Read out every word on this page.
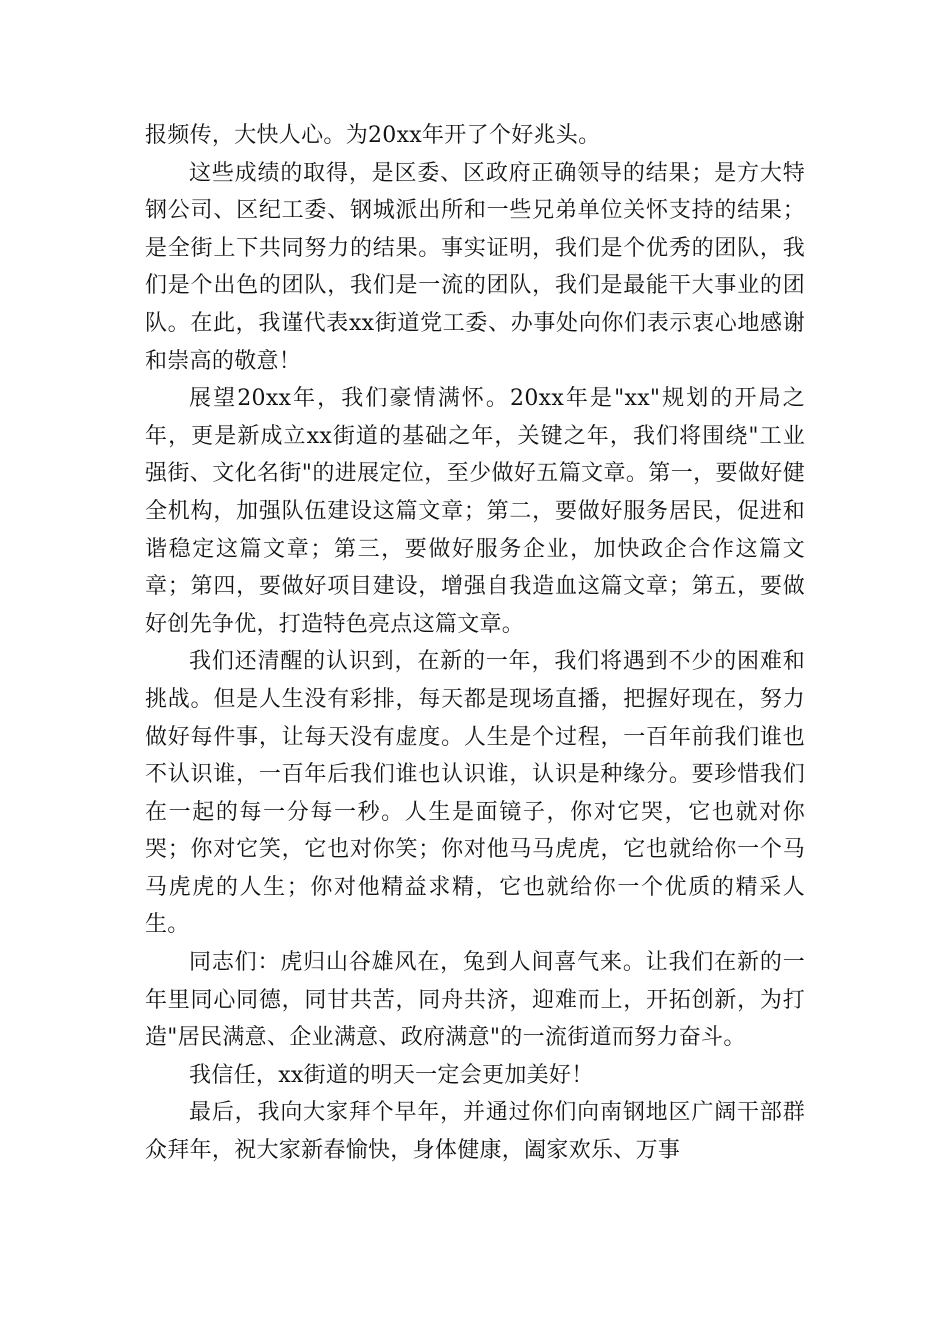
报频传，大快人心。为20xx年开了个好兆头。

这些成绩的取得，是区委、区政府正确领导的结果；是方大特钢公司、区纪工委、钢城派出所和一些兄弟单位关怀支持的结果；是全街上下共同努力的结果。事实证明，我们是个优秀的团队，我们是个出色的团队，我们是一流的团队，我们是最能干大事业的团队。在此，我谨代表xx街道党工委、办事处向你们表示衷心地感谢和崇高的敬意！

展望20xx年，我们豪情满怀。20xx年是"xx"规划的开局之年，更是新成立xx街道的基础之年，关键之年，我们将围绕"工业强街、文化名街"的进展定位，至少做好五篇文章。第一，要做好健全机构，加强队伍建设这篇文章；第二，要做好服务居民，促进和谐稳定这篇文章；第三，要做好服务企业，加快政企合作这篇文章；第四，要做好项目建设，增强自我造血这篇文章；第五，要做好创先争优，打造特色亮点这篇文章。

我们还清醒的认识到，在新的一年，我们将遇到不少的困难和挑战。但是人生没有彩排，每天都是现场直播，把握好现在，努力做好每件事，让每天没有虚度。人生是个过程，一百年前我们谁也不认识谁，一百年后我们谁也认识谁，认识是种缘分。要珍惜我们在一起的每一分每一秒。人生是面镜子，你对它哭，它也就对你哭；你对它笑，它也对你笑；你对他马马虎虎，它也就给你一个马马虎虎的人生；你对他精益求精，它也就给你一个优质的精采人生。

同志们：虎归山谷雄风在，兔到人间喜气来。让我们在新的一年里同心同德，同甘共苦，同舟共济，迎难而上，开拓创新，为打造"居民满意、企业满意、政府满意"的一流街道而努力奋斗。

我信任，xx街道的明天一定会更加美好！

最后，我向大家拜个早年，并通过你们向南钢地区广阔干部群众拜年，祝大家新春愉快，身体健康，阖家欢乐、万事
